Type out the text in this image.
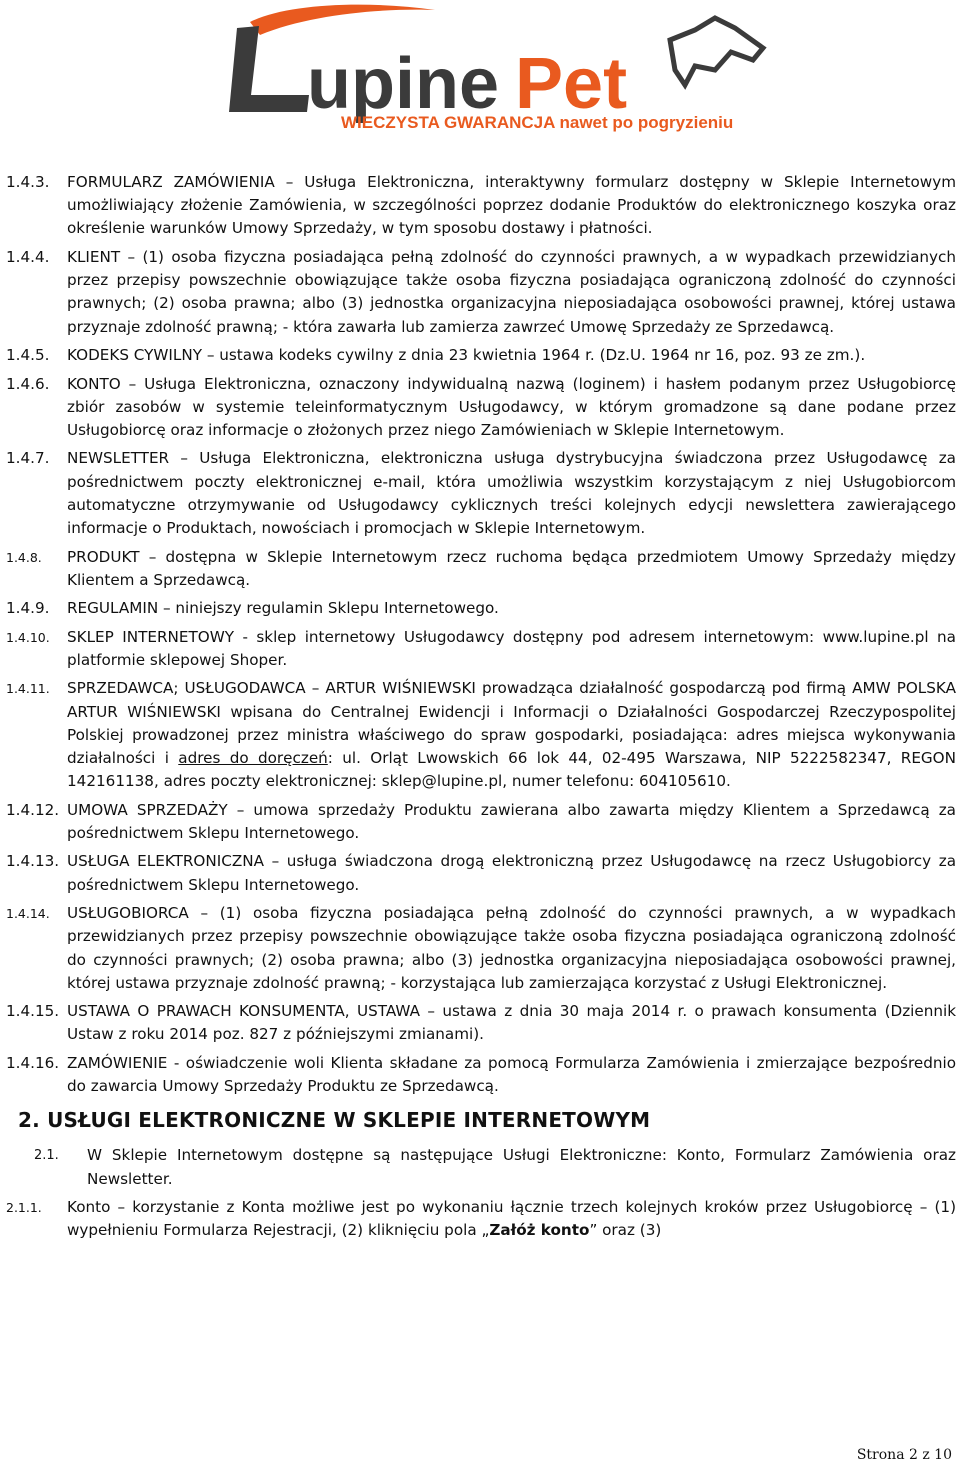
upine Pet
WIECZYSTA GWARANCJA nawet po pogryzieniu
1.4.3.	FORMULARZ ZAMÓWIENIA – Usługa Elektroniczna, interaktywny formularz dostępny w Sklepie Internetowym umożliwiający złożenie Zamówienia, w szczególności poprzez dodanie Produktów do elektronicznego koszyka oraz określenie warunków Umowy Sprzedaży, w tym sposobu dostawy i płatności.
1.4.4.	KLIENT – (1) osoba fizyczna posiadająca pełną zdolność do czynności prawnych, a w wypadkach przewidzianych przez przepisy powszechnie obowiązujące także osoba fizyczna posiadająca ograniczoną zdolność do czynności prawnych; (2) osoba prawna; albo (3) jednostka organizacyjna nieposiadająca osobowości prawnej, której ustawa przyznaje zdolność prawną; - która zawarła lub zamierza zawrzeć Umowę Sprzedaży ze Sprzedawcą.
1.4.5.	KODEKS CYWILNY – ustawa kodeks cywilny z dnia 23 kwietnia 1964 r. (Dz.U. 1964 nr 16, poz. 93 ze zm.).
1.4.6.	KONTO – Usługa Elektroniczna, oznaczony indywidualną nazwą (loginem) i hasłem podanym przez Usługobiorcę zbiór zasobów w systemie teleinformatycznym Usługodawcy, w którym gromadzone są dane podane przez Usługobiorcę oraz informacje o złożonych przez niego Zamówieniach w Sklepie Internetowym.
1.4.7.	NEWSLETTER – Usługa Elektroniczna, elektroniczna usługa dystrybucyjna świadczona przez Usługodawcę za pośrednictwem poczty elektronicznej e-mail, która umożliwia wszystkim korzystającym z niej Usługobiorcom automatyczne otrzymywanie od Usługodawcy cyklicznych treści kolejnych edycji newslettera zawierającego informacje o Produktach, nowościach i promocjach w Sklepie Internetowym.
1.4.8.	PRODUKT – dostępna w Sklepie Internetowym rzecz ruchoma będąca przedmiotem Umowy Sprzedaży między Klientem a Sprzedawcą.
1.4.9.	REGULAMIN – niniejszy regulamin Sklepu Internetowego.
1.4.10.	SKLEP INTERNETOWY - sklep internetowy Usługodawcy dostępny pod adresem internetowym: www.lupine.pl na platformie sklepowej Shoper.
1.4.11.	SPRZEDAWCA; USŁUGODAWCA – ARTUR WIŚNIEWSKI prowadząca działalność gospodarczą pod firmą AMW POLSKA ARTUR WIŚNIEWSKI wpisana do Centralnej Ewidencji i Informacji o Działalności Gospodarczej Rzeczypospolitej Polskiej prowadzonej przez ministra właściwego do spraw gospodarki, posiadająca: adres miejsca wykonywania działalności i adres do doręczeń: ul. Orląt Lwowskich 66 lok 44, 02-495 Warszawa, NIP 5222582347, REGON 142161138, adres poczty elektronicznej: sklep@lupine.pl, numer telefonu: 604105610.
1.4.12. UMOWA SPRZEDAŻY – umowa sprzedaży Produktu zawierana albo zawarta między Klientem a Sprzedawcą za pośrednictwem Sklepu Internetowego.
1.4.13. USŁUGA ELEKTRONICZNA – usługa świadczona drogą elektroniczną przez Usługodawcę na rzecz Usługobiorcy za pośrednictwem Sklepu Internetowego.
1.4.14.	USŁUGOBIORCA – (1) osoba fizyczna posiadająca pełną zdolność do czynności prawnych, a w wypadkach przewidzianych przez przepisy powszechnie obowiązujące także osoba fizyczna posiadająca ograniczoną zdolność do czynności prawnych; (2) osoba prawna; albo (3) jednostka organizacyjna nieposiadająca osobowości prawnej, której ustawa przyznaje zdolność prawną; - korzystająca lub zamierzająca korzystać z Usługi Elektronicznej.
1.4.15. USTAWA O PRAWACH KONSUMENTA, USTAWA – ustawa z dnia 30 maja 2014 r. o prawach konsumenta (Dziennik Ustaw z roku 2014 poz. 827 z późniejszymi zmianami).
1.4.16. ZAMÓWIENIE - oświadczenie woli Klienta składane za pomocą Formularza Zamówienia i zmierzające bezpośrednio do zawarcia Umowy Sprzedaży Produktu ze Sprzedawcą.
2. USŁUGI ELEKTRONICZNE W SKLEPIE INTERNETOWYM
2.1.	W Sklepie Internetowym dostępne są następujące Usługi Elektroniczne: Konto, Formularz Zamówienia oraz Newsletter.
2.1.1.	Konto – korzystanie z Konta możliwe jest po wykonaniu łącznie trzech kolejnych kroków przez Usługobiorcę – (1) wypełnieniu Formularza Rejestracji, (2) kliknięciu pola „Załóż konto” oraz (3)
Strona 2 z 10
